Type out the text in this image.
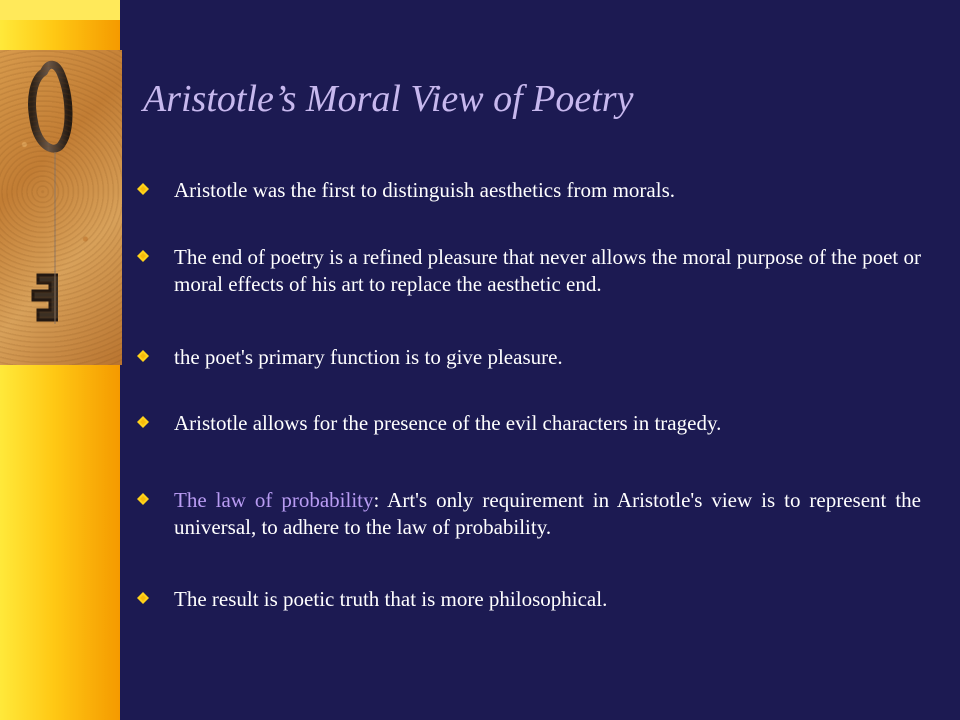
Aristotle’s Moral View of Poetry
Aristotle was the first to distinguish aesthetics from morals.
The end of poetry is a refined pleasure that never allows the moral purpose of the poet or moral effects of his art to replace the aesthetic end.
the poet's primary function is to give pleasure.
Aristotle allows for the presence of the evil characters in tragedy.
The law of probability: Art's only requirement in Aristotle's view is to represent the universal, to adhere to the law of probability.
The result is poetic truth that is more philosophical.
